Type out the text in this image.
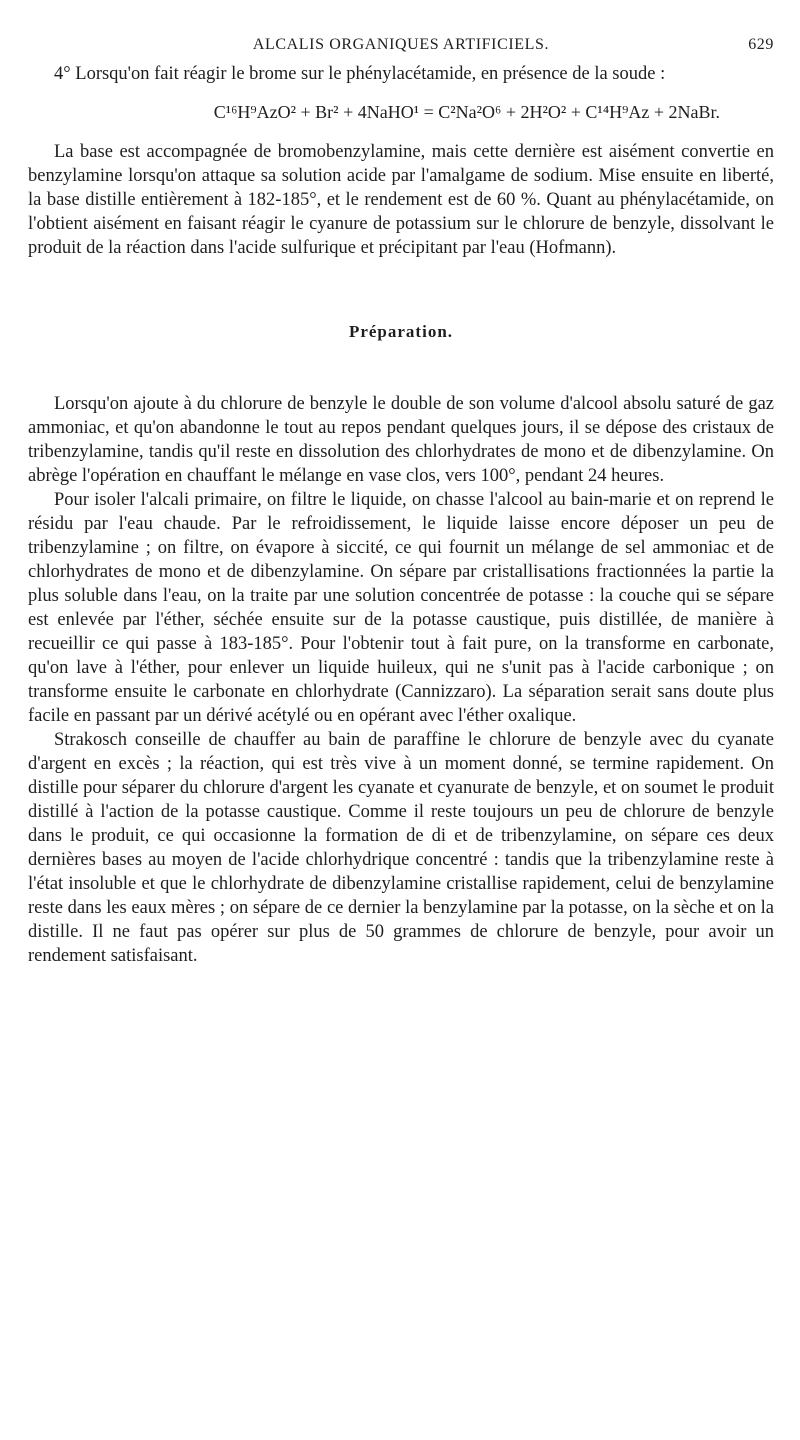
ALCALIS ORGANIQUES ARTIFICIELS.	629

4° Lorsqu'on fait réagir le brome sur le phénylacétamide, en présence de la soude :

C¹⁶H⁹AzO² + Br² + 4NaHO¹ = C²Na²O⁶ + 2H²O² + C¹⁴H⁹Az + 2NaBr.

La base est accompagnée de bromobenzylamine, mais cette dernière est aisément convertie en benzylamine lorsqu'on attaque sa solution acide par l'amalgame de sodium. Mise ensuite en liberté, la base distille entièrement à 182-185°, et le rendement est de 60 %. Quant au phénylacétamide, on l'obtient aisément en faisant réagir le cyanure de potassium sur le chlorure de benzyle, dissolvant le produit de la réaction dans l'acide sulfurique et précipitant par l'eau (Hofmann).

Préparation.

Lorsqu'on ajoute à du chlorure de benzyle le double de son volume d'alcool absolu saturé de gaz ammoniac, et qu'on abandonne le tout au repos pendant quelques jours, il se dépose des cristaux de tribenzylamine, tandis qu'il reste en dissolution des chlorhydrates de mono et de dibenzylamine. On abrège l'opération en chauffant le mélange en vase clos, vers 100°, pendant 24 heures.

Pour isoler l'alcali primaire, on filtre le liquide, on chasse l'alcool au bain-marie et on reprend le résidu par l'eau chaude. Par le refroidissement, le liquide laisse encore déposer un peu de tribenzylamine ; on filtre, on évapore à siccité, ce qui fournit un mélange de sel ammoniac et de chlorhydrates de mono et de dibenzylamine. On sépare par cristallisations fractionnées la partie la plus soluble dans l'eau, on la traite par une solution concentrée de potasse : la couche qui se sépare est enlevée par l'éther, séchée ensuite sur de la potasse caustique, puis distillée, de manière à recueillir ce qui passe à 183-185°. Pour l'obtenir tout à fait pure, on la transforme en carbonate, qu'on lave à l'éther, pour enlever un liquide huileux, qui ne s'unit pas à l'acide carbonique ; on transforme ensuite le carbonate en chlorhydrate (Cannizzaro). La séparation serait sans doute plus facile en passant par un dérivé acétylé ou en opérant avec l'éther oxalique.

Strakosch conseille de chauffer au bain de paraffine le chlorure de benzyle avec du cyanate d'argent en excès ; la réaction, qui est très vive à un moment donné, se termine rapidement. On distille pour séparer du chlorure d'argent les cyanate et cyanurate de benzyle, et on soumet le produit distillé à l'action de la potasse caustique. Comme il reste toujours un peu de chlorure de benzyle dans le produit, ce qui occasionne la formation de di et de tribenzylamine, on sépare ces deux dernières bases au moyen de l'acide chlorhydrique concentré : tandis que la tribenzylamine reste à l'état insoluble et que le chlorhydrate de dibenzylamine cristallise rapidement, celui de benzylamine reste dans les eaux mères ; on sépare de ce dernier la benzylamine par la potasse, on la sèche et on la distille. Il ne faut pas opérer sur plus de 50 grammes de chlorure de benzyle, pour avoir un rendement satisfaisant.
